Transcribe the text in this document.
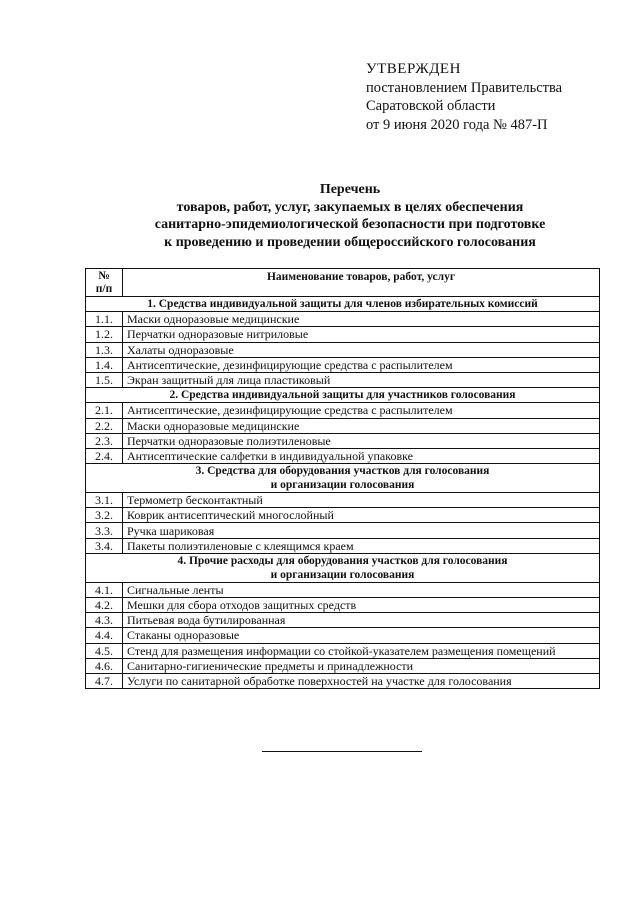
УТВЕРЖДЕН
постановлением Правительства
Саратовской области
от 9 июня 2020 года № 487-П
Перечень
товаров, работ, услуг, закупаемых в целях обеспечения
санитарно-эпидемиологической безопасности при подготовке
к проведению и проведении общероссийского голосования
№
п/п	Наименование товаров, работ, услуг

1. Средства индивидуальной защиты для членов избирательных комиссий	

1.1.	Маски одноразовые медицинские
1.2.	Перчатки одноразовые нитриловые
1.3.	Халаты одноразовые
1.4.	Антисептические, дезинфицирующие средства с распылителем
1.5.	Экран защитный для лица пластиковый

2. Средства индивидуальной защиты для участников голосования	

2.1.	Антисептические, дезинфицирующие средства с распылителем
2.2.	Маски одноразовые медицинские
2.3.	Перчатки одноразовые полиэтиленовые
2.4.	Антисептические салфетки в индивидуальной упаковке

3. Средства для оборудования участков для голосования
и организации голосования	

3.1.	Термометр бесконтактный
3.2.	Коврик антисептический многослойный
3.3.	Ручка шариковая
3.4.	Пакеты полиэтиленовые с клеящимся краем

4. Прочие расходы для оборудования участков для голосования
и организации голосования	

4.1.	Сигнальные ленты
4.2.	Мешки для сбора отходов защитных средств
4.3.	Питьевая вода бутилированная
4.4.	Стаканы одноразовые
4.5.	Стенд для размещения информации со стойкой-указателем размещения помещений
4.6.	Санитарно-гигиенические предметы и принадлежности
4.7.	Услуги по санитарной обработке поверхностей на участке для голосования
